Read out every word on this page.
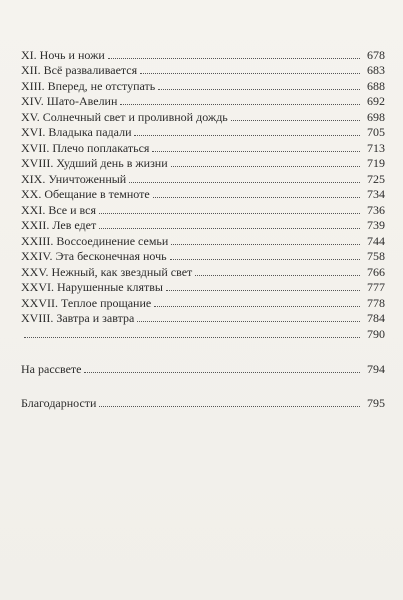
XI. Ночь и ножи	678
XII. Всё разваливается	683
XIII. Вперед, не отступать	688
XIV. Шато-Авелин	692
XV. Солнечный свет и проливной дождь	698
XVI. Владыка падали	705
XVII. Плечо поплакаться	713
XVIII. Худший день в жизни	719
XIX. Уничтоженный	725
XX. Обещание в темноте	734
XXI. Все и вся	736
XXII. Лев едет	739
XXIII. Воссоединение семьи	744
XXIV. Эта бесконечная ночь	758
XXV. Нежный, как звездный свет	766
XXVI. Нарушенные клятвы	777
XXVII. Теплое прощание	778
XVIII. Завтра и завтра	784
790
На рассвете	794
Благодарности	795
